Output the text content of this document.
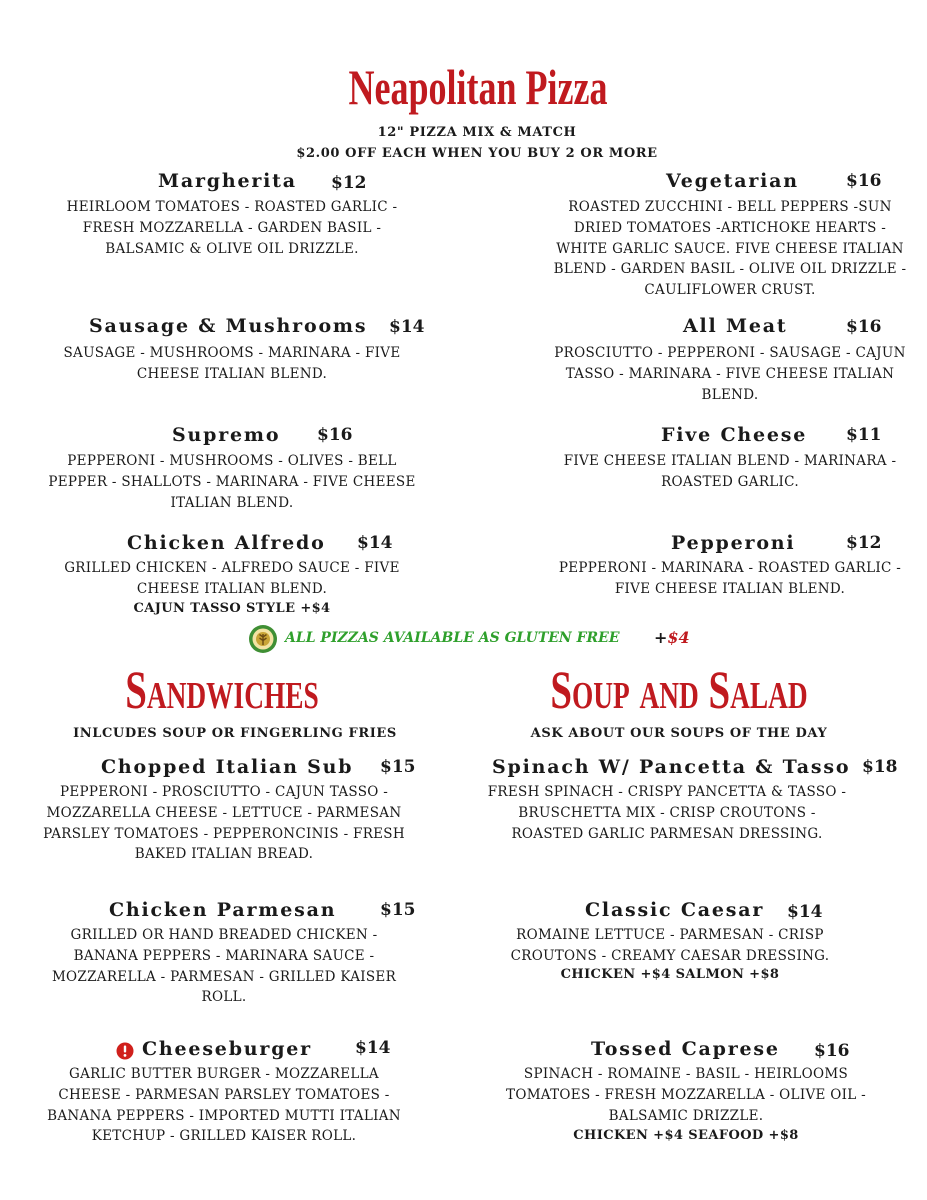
Neapolitan Pizza
12" PIZZA MIX & MATCH
$2.00 OFF EACH WHEN YOU BUY 2 OR MORE
Margherita $12
HEIRLOOM TOMATOES - ROASTED GARLIC -
FRESH MOZZARELLA - GARDEN BASIL -
BALSAMIC & OLIVE OIL DRIZZLE.
Vegetarian	$16
ROASTED ZUCCHINI - BELL PEPPERS -SUN
DRIED TOMATOES -ARTICHOKE HEARTS -
WHITE GARLIC SAUCE. FIVE CHEESE ITALIAN
BLEND - GARDEN BASIL - OLIVE OIL DRIZZLE -
CAULIFLOWER CRUST.
Sausage & Mushrooms $14
SAUSAGE - MUSHROOMS - MARINARA - FIVE
CHEESE ITALIAN BLEND.
All Meat	$16
PROSCIUTTO - PEPPERONI - SAUSAGE - CAJUN
TASSO - MARINARA - FIVE CHEESE ITALIAN
BLEND.
Supremo $16
PEPPERONI - MUSHROOMS - OLIVES - BELL
PEPPER - SHALLOTS - MARINARA - FIVE CHEESE
ITALIAN BLEND.
Five Cheese $11
FIVE CHEESE ITALIAN BLEND - MARINARA -
ROASTED GARLIC.
Chicken Alfredo $14
GRILLED CHICKEN - ALFREDO SAUCE - FIVE
CHEESE ITALIAN BLEND.
CAJUN TASSO STYLE +$4
Pepperoni	$12
PEPPERONI - MARINARA - ROASTED GARLIC -
FIVE CHEESE ITALIAN BLEND.
ALL PIZZAS AVAILABLE AS GLUTEN FREE +$4
Sandwiches
INLCUDES SOUP OR FINGERLING FRIES
Chopped Italian Sub $15
PEPPERONI - PROSCIUTTO - CAJUN TASSO -
MOZZARELLA CHEESE - LETTUCE - PARMESAN
PARSLEY TOMATOES - PEPPERONCINIS - FRESH
BAKED ITALIAN BREAD.
Chicken Parmesan	$15
GRILLED OR HAND BREADED CHICKEN -
BANANA PEPPERS - MARINARA SAUCE -
MOZZARELLA - PARMESAN - GRILLED KAISER
ROLL.
Cheeseburger	$14
GARLIC BUTTER BURGER - MOZZARELLA
CHEESE - PARMESAN PARSLEY TOMATOES -
BANANA PEPPERS - IMPORTED MUTTI ITALIAN
KETCHUP - GRILLED KAISER ROLL.
Soup and Salad
ASK ABOUT OUR SOUPS OF THE DAY
Spinach W/ Pancetta & Tasso $18
FRESH SPINACH - CRISPY PANCETTA & TASSO -
BRUSCHETTA MIX - CRISP CROUTONS -
ROASTED GARLIC PARMESAN DRESSING.
Classic Caesar $14
ROMAINE LETTUCE - PARMESAN - CRISP
CROUTONS - CREAMY CAESAR DRESSING.
CHICKEN +$4 SALMON +$8
Tossed Caprese $16
SPINACH - ROMAINE - BASIL - HEIRLOOMS
TOMATOES - FRESH MOZZARELLA - OLIVE OIL -
BALSAMIC DRIZZLE.
CHICKEN +$4 SEAFOOD +$8
